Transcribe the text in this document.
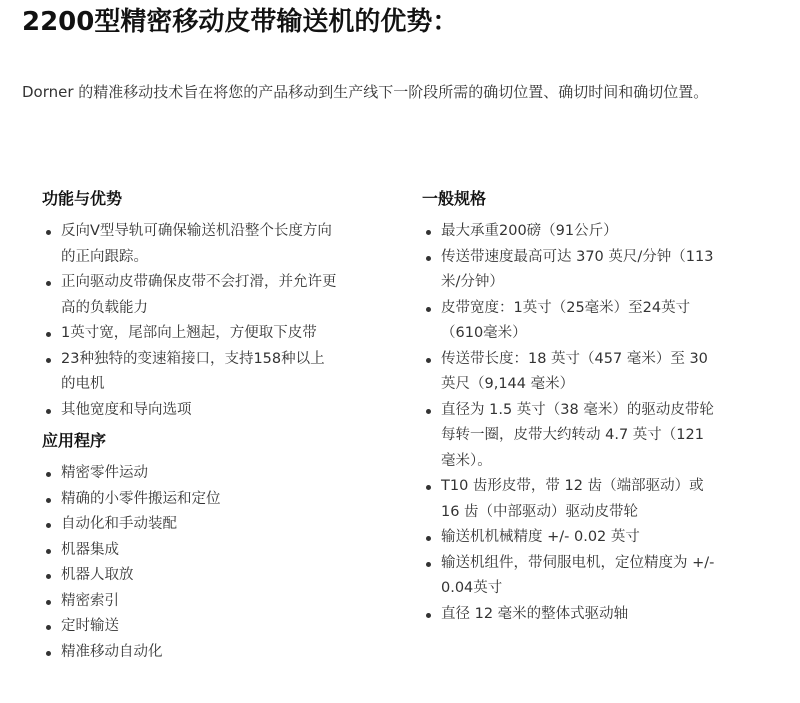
2200型精密移动皮带输送机的优势：

Dorner 的精准移动技术旨在将您的产品移动到生产线下一阶段所需的确切位置、确切时间和确切位置。

功能与优势
反向V型导轨可确保输送机沿整个长度方向的正向跟踪。
正向驱动皮带确保皮带不会打滑，并允许更高的负载能力
1英寸宽，尾部向上翘起，方便取下皮带
23种独特的变速箱接口，支持158种以上的电机
其他宽度和导向选项
应用程序
精密零件运动
精确的小零件搬运和定位
自动化和手动装配
机器集成
机器人取放
精密索引
定时输送
精准移动自动化
一般规格
最大承重200磅（91公斤）
传送带速度最高可达 370 英尺/分钟（113 米/分钟）
皮带宽度：1英寸（25毫米）至24英寸（610毫米）
传送带长度：18 英寸（457 毫米）至 30 英尺（9,144 毫米）
直径为 1.5 英寸（38 毫米）的驱动皮带轮每转一圈，皮带大约转动 4.7 英寸（121 毫米）。
T10 齿形皮带，带 12 齿（端部驱动）或 16 齿（中部驱动）驱动皮带轮
输送机机械精度 +/- 0.02 英寸
输送机组件，带伺服电机，定位精度为 +/- 0.04英寸
直径 12 毫米的整体式驱动轴
